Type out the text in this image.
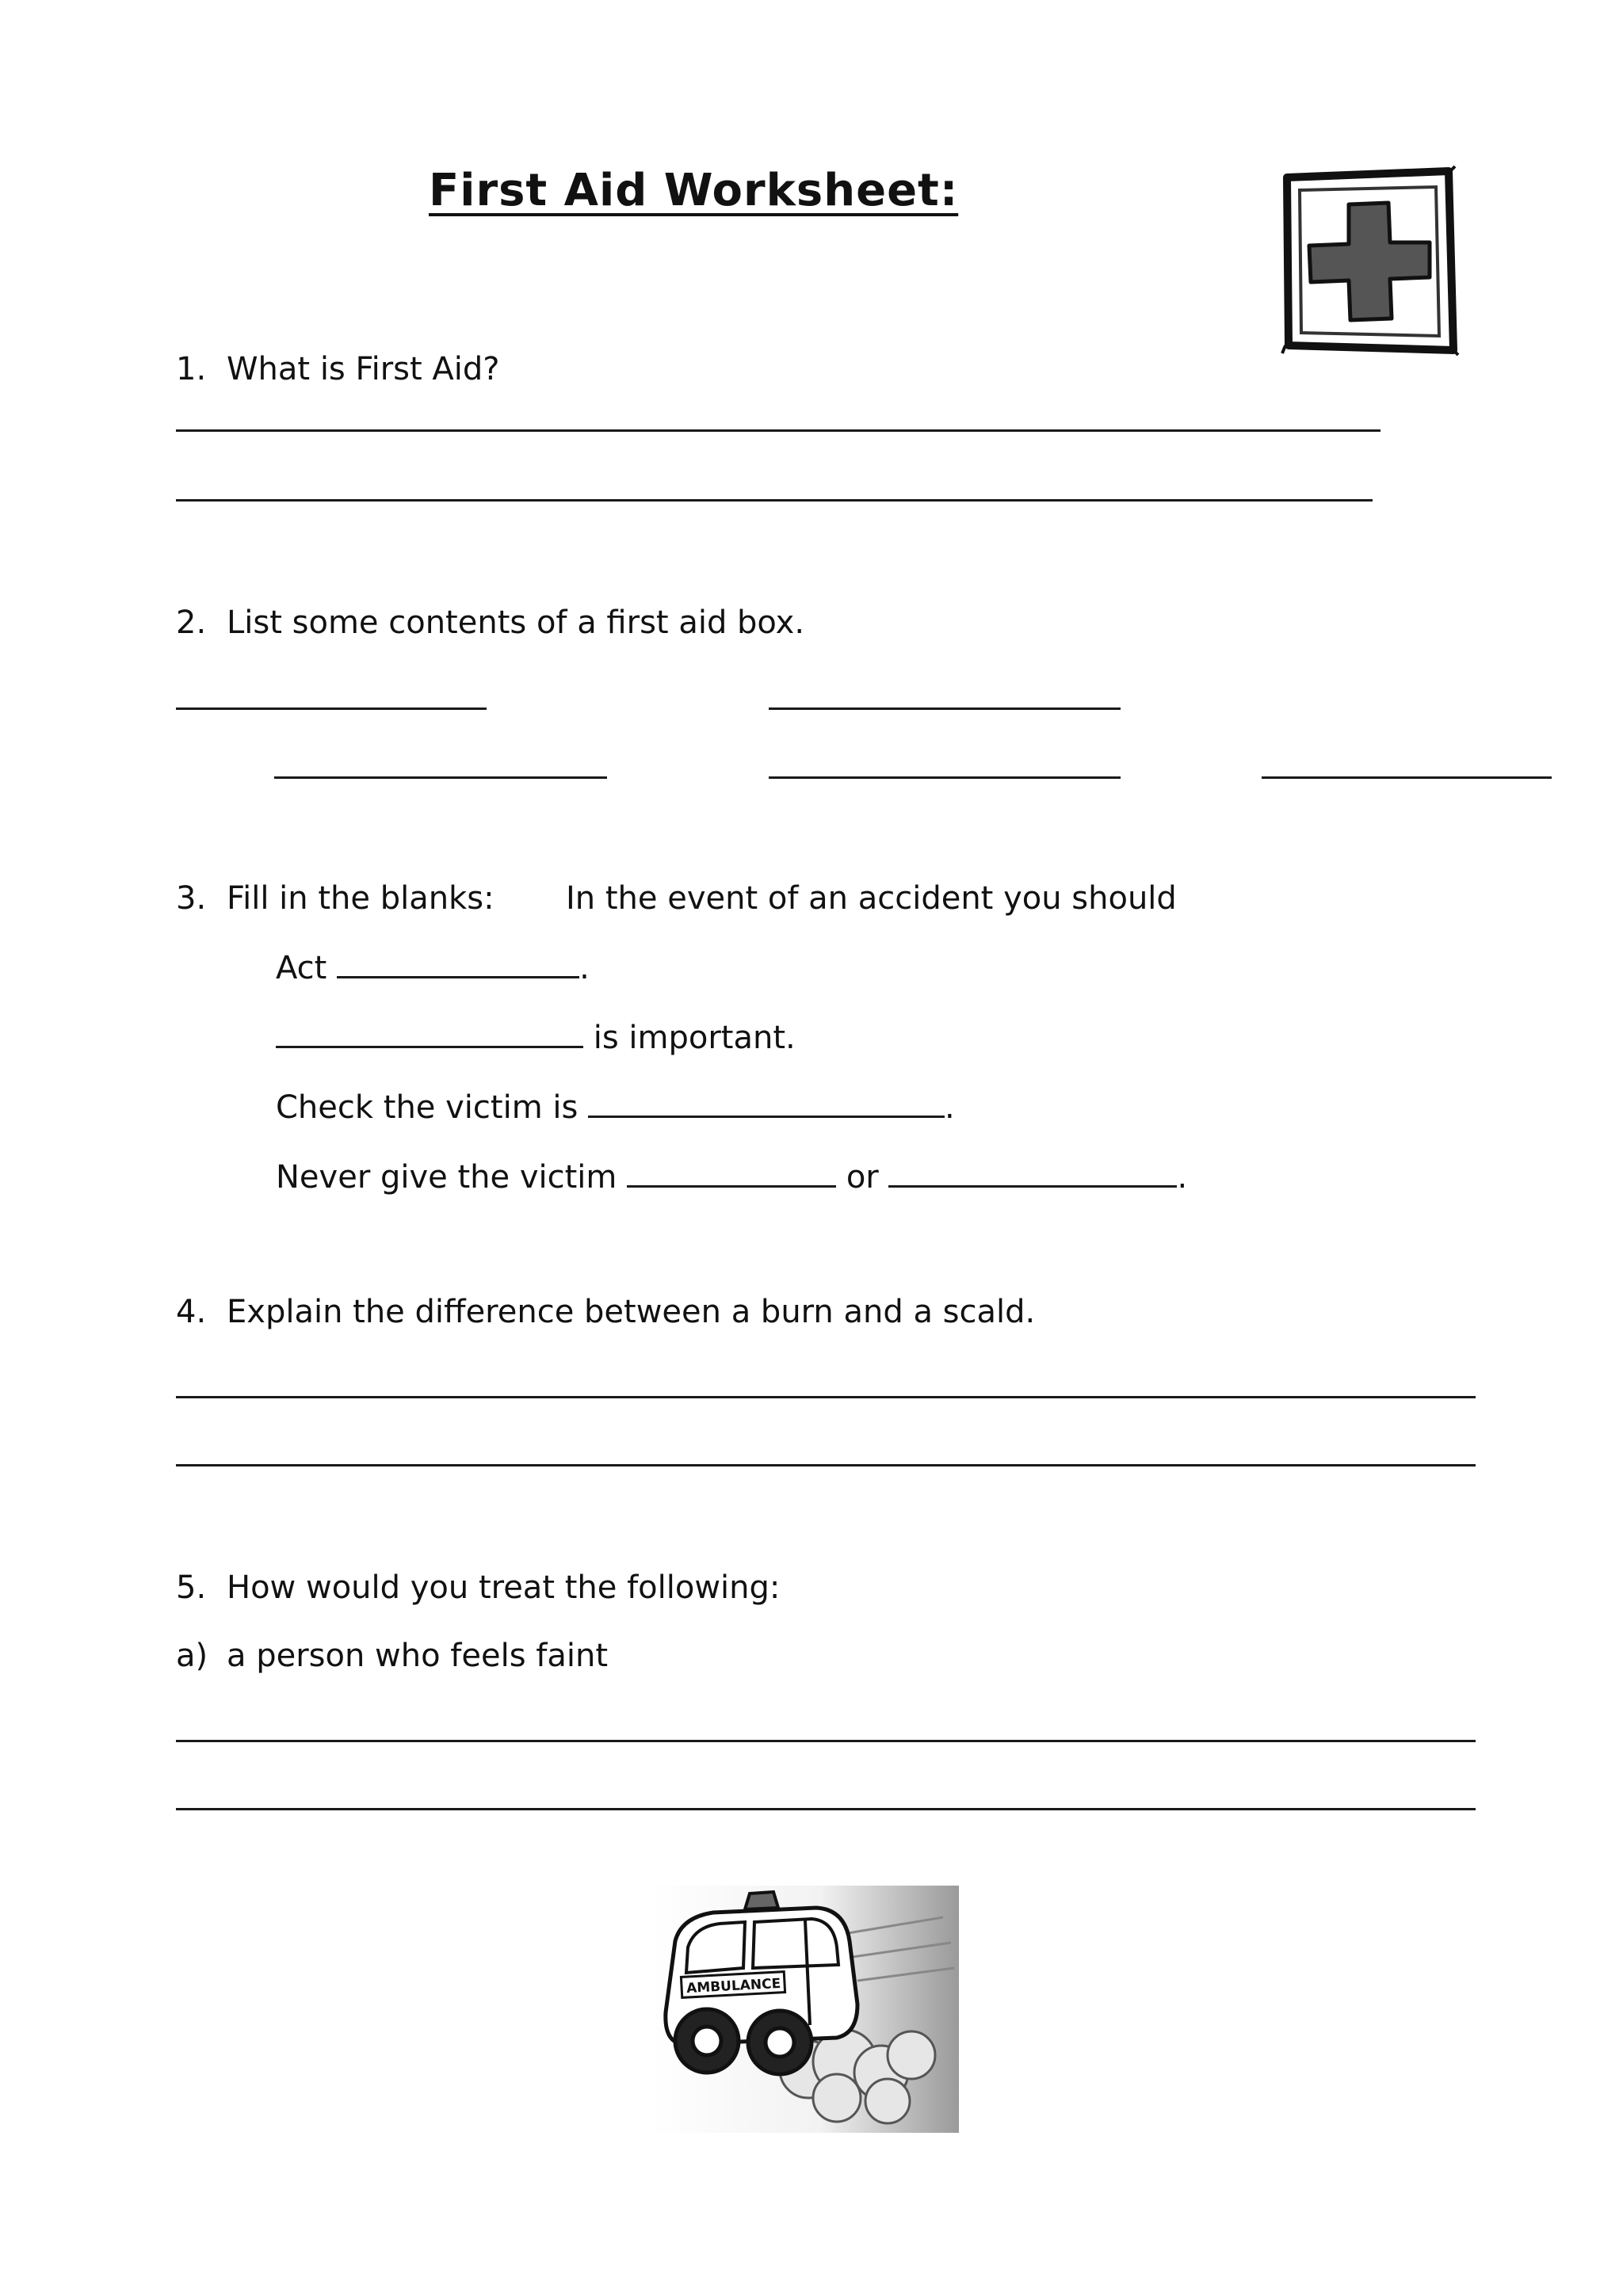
First Aid Worksheet:
1. What is First Aid?
2. List some contents of a first aid box.
3. Fill in the blanks: In the event of an accident you should
Act	.
is important.
Check the victim is	.
Never give the victim	or	.
4. Explain the difference between a burn and a scald.
5. How would you treat the following:
a) a person who feels faint
AMBULANCE
